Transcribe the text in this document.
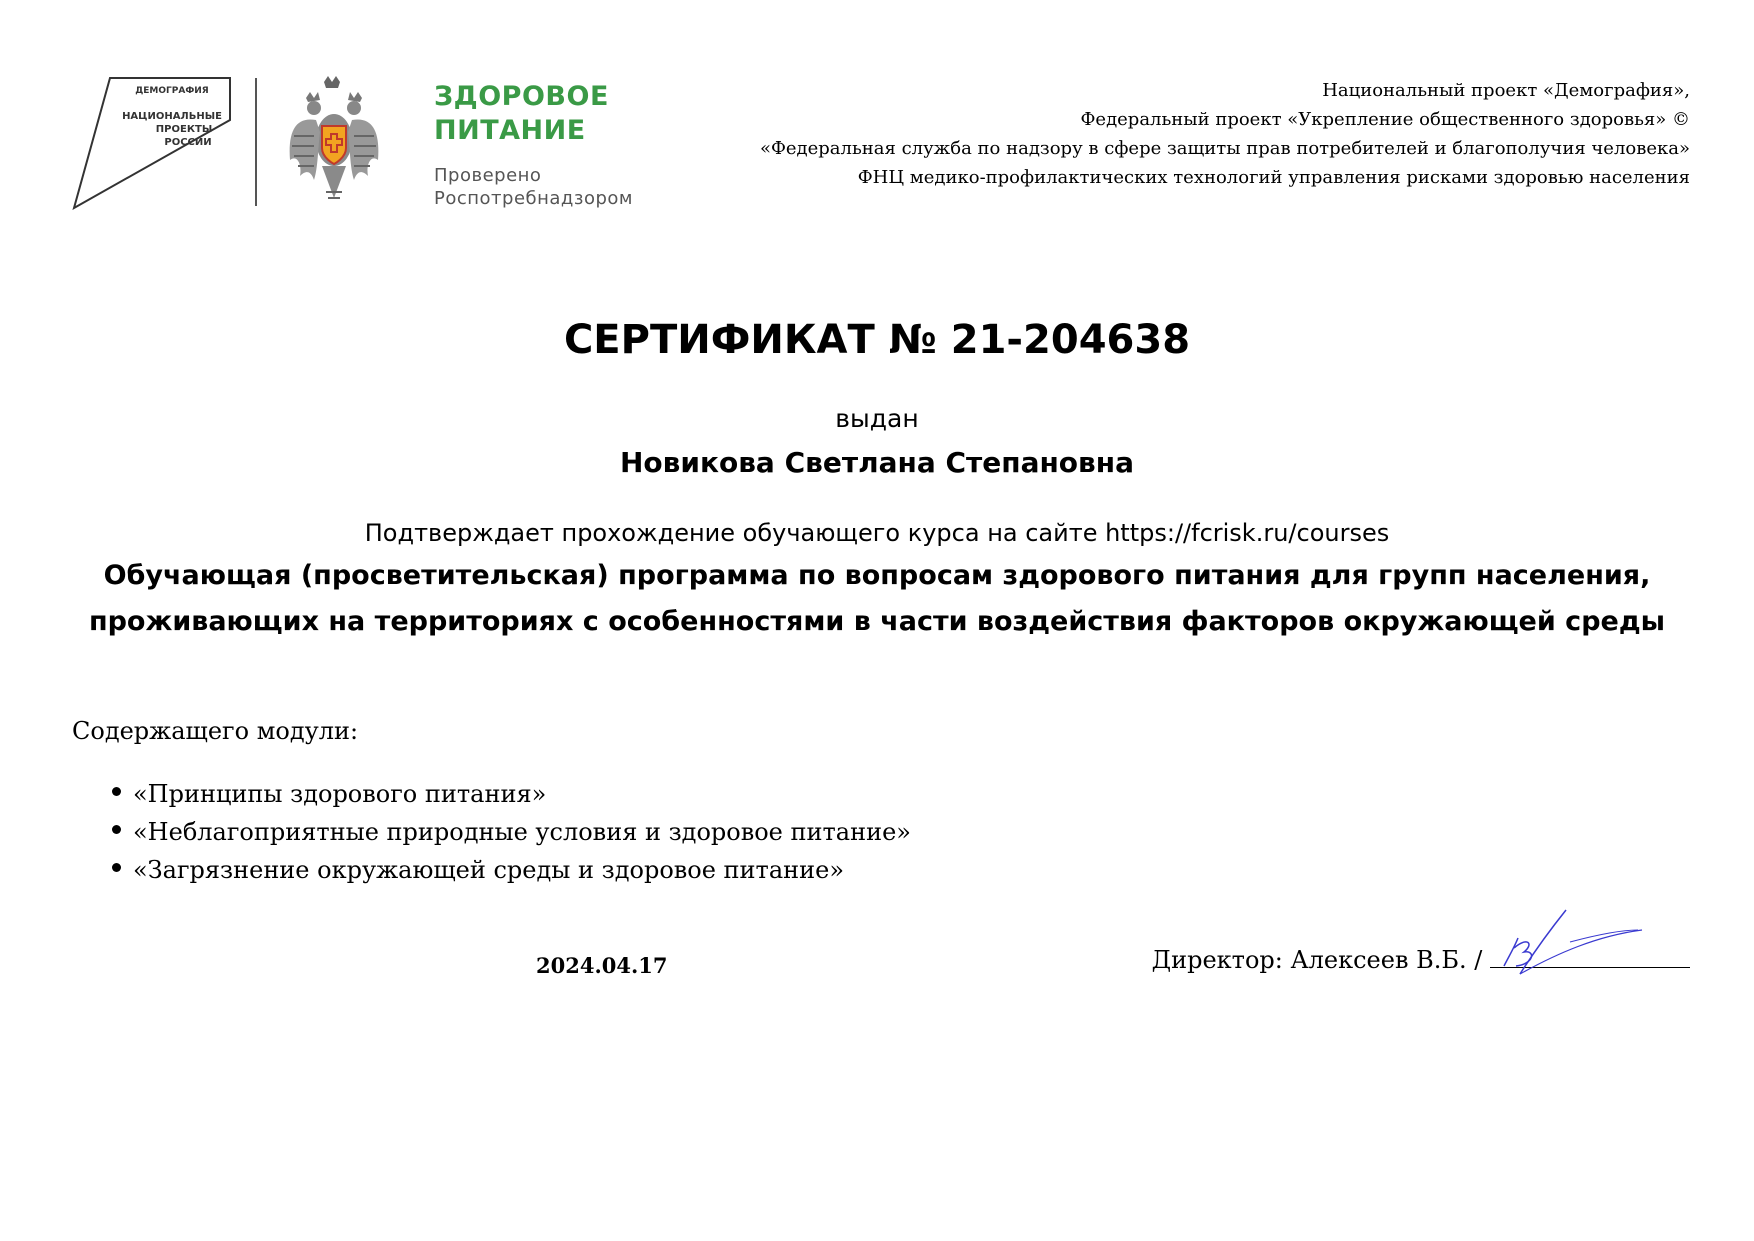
ДЕМОГРАФИЯ
НАЦИОНАЛЬНЫЕ
ПРОЕКТЫ
РОССИИ
ЗДОРОВОЕ
ПИТАНИЕ
Проверено
Роспотребнадзором
Национальный проект «Демография»,
Федеральный проект «Укрепление общественного здоровья» ©
«Федеральная служба по надзору в сфере защиты прав потребителей и благополучия человека»
ФНЦ медико-профилактических технологий управления рисками здоровью населения
СЕРТИФИКАТ № 21-204638
выдан
Новикова Светлана Степановна
Подтверждает прохождение обучающего курса на сайте https://fcrisk.ru/courses
Обучающая (просветительская) программа по вопросам здорового питания для групп населения, проживающих на территориях с особенностями в части воздействия факторов окружающей среды
Содержащего модули:
«Принципы здорового питания»
«Неблагоприятные природные условия и здоровое питание»
«Загрязнение окружающей среды и здоровое питание»
2024.04.17	Директор: Алексеев В.Б. /
